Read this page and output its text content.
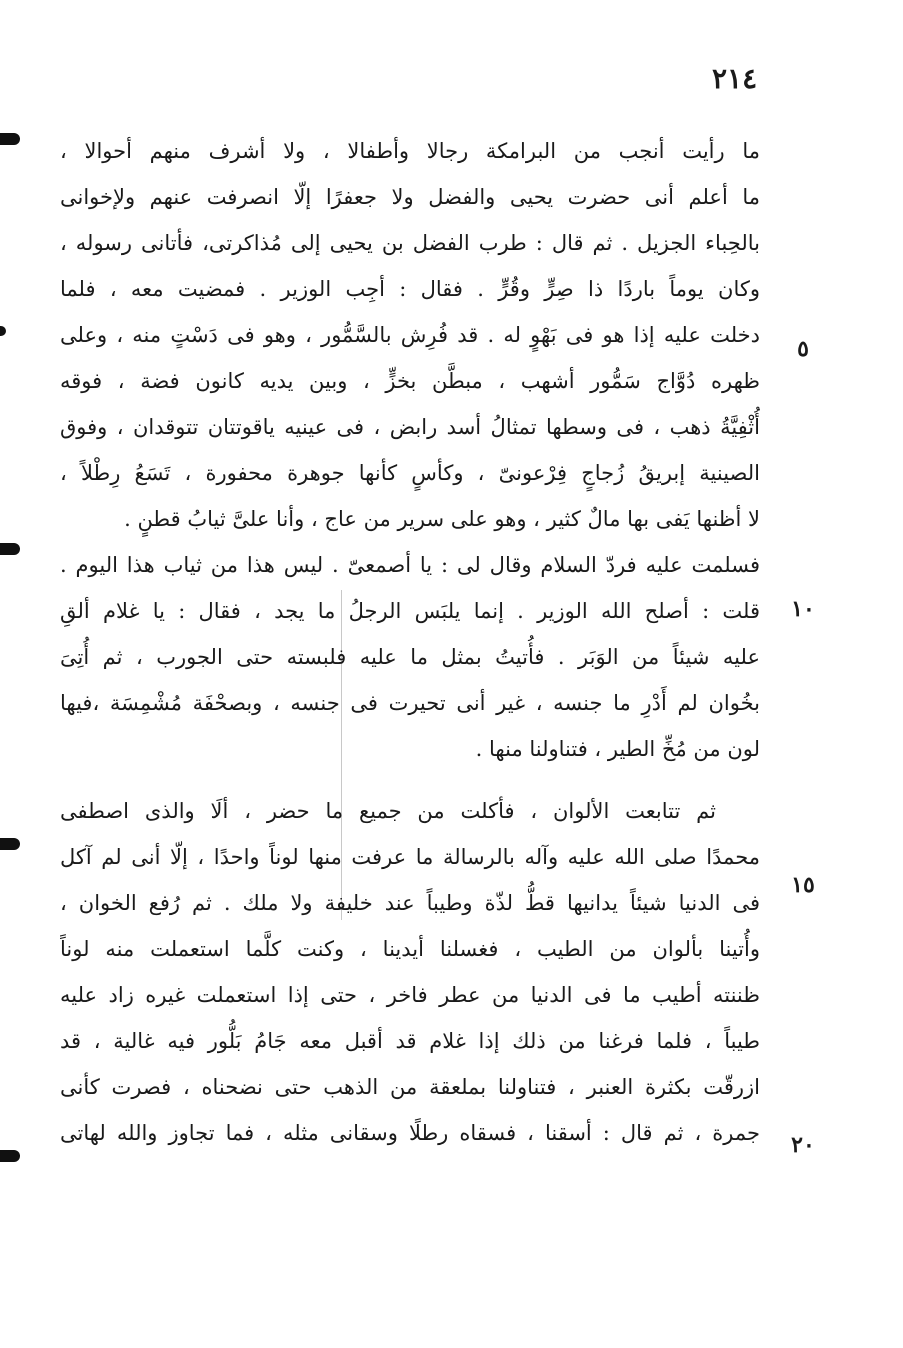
٢١٤
٥
١٠
١٥
٢٠
ما رأيت أنجب من البرامكة رجالا وأطفالا ، ولا أشرف منهم أحوالا ،
ما أعلم أنى حضرت يحيى والفضل ولا جعفرًا إلّا انصرفت عنهم ولإخوانى
بالحِباء الجزيل . ثم قال : طرب الفضل بن يحيى إلى مُذاكرتى، فأتانى رسوله ،
وكان يوماً باردًا ذا صِرٍّ وقُرٍّ . فقال : أجِب الوزير . فمضيت معه ، فلما
دخلت عليه إذا هو فى بَهْوٍ له . قد فُرِش بالسَّمُّور ، وهو فى دَسْتٍ منه ، وعلى
ظهره دُوَّاج سَمُّور أشهب ، مبطَّن بخزٍّ ، وبين يديه كانون فضة ، فوقه
أُثْفِيَّةُ ذهب ، فى وسطها تمثالُ أسد رابض ، فى عينيه ياقوتتان تتوقدان ، وفوق
الصينية إبريقُ زُجاجٍ فِرْعونىّ ، وكأسٍ كأنها جوهرة محفورة ، تَسَعُ رِطْلاً ،
لا أظنها يَفى بها مالٌ كثير ، وهو على سرير من عاج ، وأنا علىَّ ثيابُ قطنٍ .
فسلمت عليه فردّ السلام وقال لى : يا أصمعىّ . ليس هذا من ثياب هذا اليوم .
قلت : أصلح الله الوزير . إنما يلبَس الرجلُ ما يجد ، فقال : يا غلام ألقِ
عليه شيئاً من الوَبَر . فأُتيتُ بمثل ما عليه فلبسته حتى الجورب ، ثم أُتِىَ
بخُوان لم أَدْرِ ما جنسه ، غير أنى تحيرت فى جنسه ، وبصحْفَة مُشْمِسَة ،فيها
لون من مُخِّ الطير ، فتناولنا منها .
ثم تتابعت الألوان ، فأكلت من جميع ما حضر ، ألَا والذى اصطفى
محمدًا صلى الله عليه وآله بالرسالة ما عرفت منها لوناً واحدًا ، إلّا أنى لم آكل
فى الدنيا شيئاً يدانيها قطُّ لذّة وطيباً عند خليفة ولا ملك . ثم رُفع الخوان ،
وأُتينا بألوان من الطيب ، فغسلنا أيدينا ، وكنت كلَّما استعملت منه لوناً
ظننته أطيب ما فى الدنيا من عطر فاخر ، حتى إذا استعملت غيره زاد عليه
طيباً ، فلما فرغنا من ذلك إذا غلام قد أقبل معه جَامُ بَلُّور فيه غالية ، قد
ازرقّت بكثرة العنبر ، فتناولنا بملعقة من الذهب حتى نضحناه ، فصرت كأنى
جمرة ، ثم قال : أسقنا ، فسقاه رطلًا وسقانى مثله ، فما تجاوز والله لهاتى
